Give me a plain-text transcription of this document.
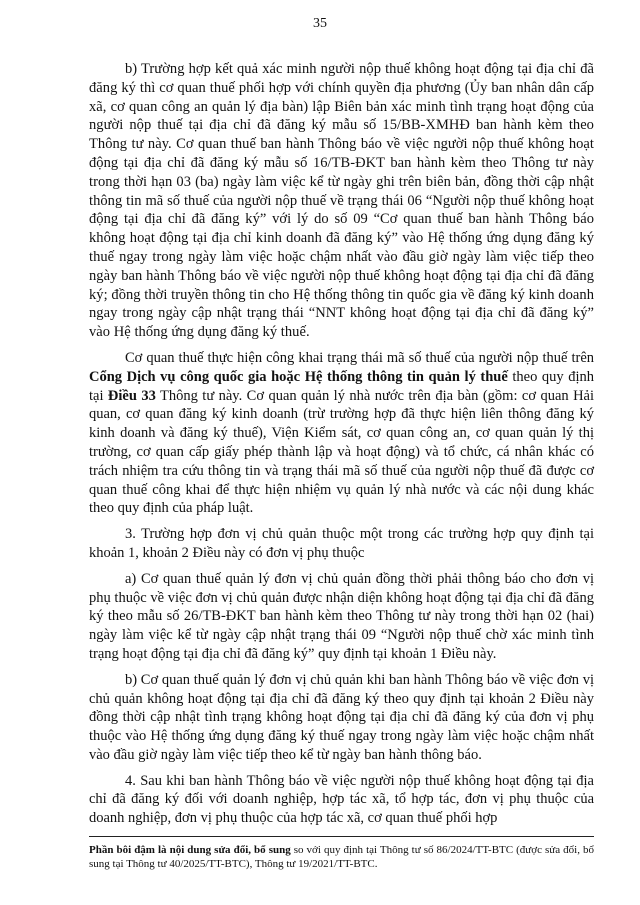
35

b) Trường hợp kết quả xác minh người nộp thuế không hoạt động tại địa chỉ đã đăng ký thì cơ quan thuế phối hợp với chính quyền địa phương (Ủy ban nhân dân cấp xã, cơ quan công an quản lý địa bàn) lập Biên bản xác minh tình trạng hoạt động của người nộp thuế tại địa chỉ đã đăng ký mẫu số 15/BB-XMHĐ ban hành kèm theo Thông tư này. Cơ quan thuế ban hành Thông báo về việc người nộp thuế không hoạt động tại địa chỉ đã đăng ký mẫu số 16/TB-ĐKT ban hành kèm theo Thông tư này trong thời hạn 03 (ba) ngày làm việc kể từ ngày ghi trên biên bản, đồng thời cập nhật thông tin mã số thuế của người nộp thuế về trạng thái 06 “Người nộp thuế không hoạt động tại địa chỉ đã đăng ký” với lý do số 09 “Cơ quan thuế ban hành Thông báo không hoạt động tại địa chỉ kinh doanh đã đăng ký” vào Hệ thống ứng dụng đăng ký thuế ngay trong ngày làm việc hoặc chậm nhất vào đầu giờ ngày làm việc tiếp theo ngày ban hành Thông báo về việc người nộp thuế không hoạt động tại địa chỉ đã đăng ký; đồng thời truyền thông tin cho Hệ thống thông tin quốc gia về đăng ký kinh doanh ngay trong ngày cập nhật trạng thái “NNT không hoạt động tại địa chỉ đã đăng ký” vào Hệ thống ứng dụng đăng ký thuế.

Cơ quan thuế thực hiện công khai trạng thái mã số thuế của người nộp thuế trên Cổng Dịch vụ công quốc gia hoặc Hệ thống thông tin quản lý thuế theo quy định tại Điều 33 Thông tư này. Cơ quan quản lý nhà nước trên địa bàn (gồm: cơ quan Hải quan, cơ quan đăng ký kinh doanh (trừ trường hợp đã thực hiện liên thông đăng ký kinh doanh và đăng ký thuế), Viện Kiểm sát, cơ quan công an, cơ quan quản lý thị trường, cơ quan cấp giấy phép thành lập và hoạt động) và tổ chức, cá nhân khác có trách nhiệm tra cứu thông tin và trạng thái mã số thuế của người nộp thuế đã được cơ quan thuế công khai để thực hiện nhiệm vụ quản lý nhà nước và các nội dung khác theo quy định của pháp luật.

3. Trường hợp đơn vị chủ quản thuộc một trong các trường hợp quy định tại khoản 1, khoản 2 Điều này có đơn vị phụ thuộc

a) Cơ quan thuế quản lý đơn vị chủ quản đồng thời phải thông báo cho đơn vị phụ thuộc về việc đơn vị chủ quản được nhận diện không hoạt động tại địa chỉ đã đăng ký theo mẫu số 26/TB-ĐKT ban hành kèm theo Thông tư này trong thời hạn 02 (hai) ngày làm việc kể từ ngày cập nhật trạng thái 09 “Người nộp thuế chờ xác minh tình trạng hoạt động tại địa chỉ đã đăng ký” quy định tại khoản 1 Điều này.

b) Cơ quan thuế quản lý đơn vị chủ quản khi ban hành Thông báo về việc đơn vị chủ quản không hoạt động tại địa chỉ đã đăng ký theo quy định tại khoản 2 Điều này đồng thời cập nhật tình trạng không hoạt động tại địa chỉ đã đăng ký của đơn vị phụ thuộc vào Hệ thống ứng dụng đăng ký thuế ngay trong ngày làm việc hoặc chậm nhất vào đầu giờ ngày làm việc tiếp theo kể từ ngày ban hành thông báo.

4. Sau khi ban hành Thông báo về việc người nộp thuế không hoạt động tại địa chỉ đã đăng ký đối với doanh nghiệp, hợp tác xã, tổ hợp tác, đơn vị phụ thuộc của doanh nghiệp, đơn vị phụ thuộc của hợp tác xã, cơ quan thuế phối hợp

Phần bôi đậm là nội dung sửa đổi, bổ sung so với quy định tại Thông tư số 86/2024/TT-BTC (được sửa đổi, bổ sung tại Thông tư 40/2025/TT-BTC), Thông tư 19/2021/TT-BTC.
